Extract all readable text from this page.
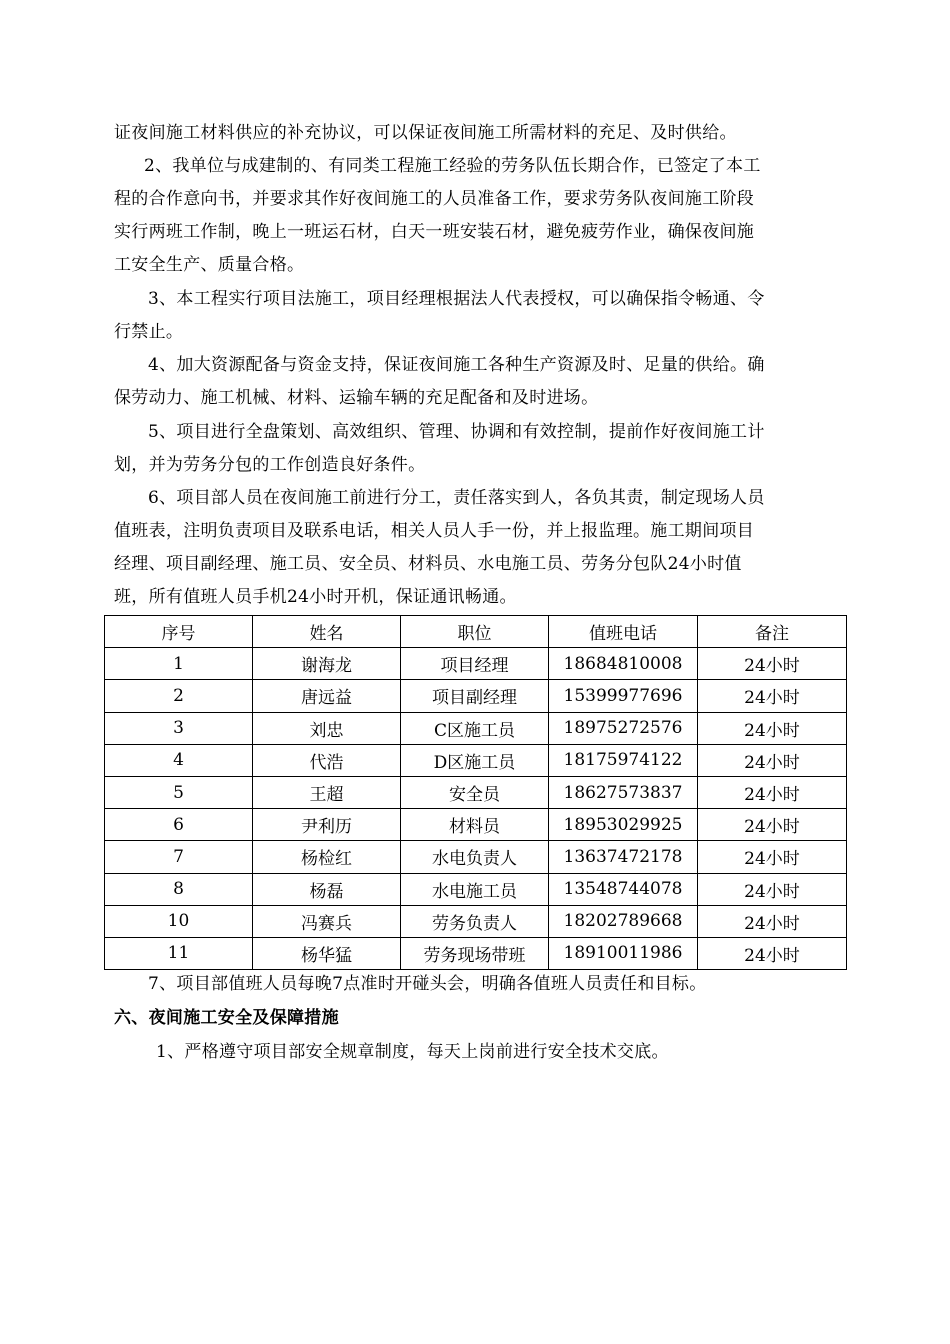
证夜间施工材料供应的补充协议，可以保证夜间施工所需材料的充足、及时供给。
2、我单位与成建制的、有同类工程施工经验的劳务队伍长期合作，已签定了本工
程的合作意向书，并要求其作好夜间施工的人员准备工作，要求劳务队夜间施工阶段
实行两班工作制，晚上一班运石材，白天一班安装石材，避免疲劳作业，确保夜间施
工安全生产、质量合格。
3、本工程实行项目法施工，项目经理根据法人代表授权，可以确保指令畅通、令
行禁止。
4、加大资源配备与资金支持，保证夜间施工各种生产资源及时、足量的供给。确
保劳动力、施工机械、材料、运输车辆的充足配备和及时进场。
5、项目进行全盘策划、高效组织、管理、协调和有效控制，提前作好夜间施工计
划，并为劳务分包的工作创造良好条件。
6、项目部人员在夜间施工前进行分工，责任落实到人，各负其责，制定现场人员
值班表，注明负责项目及联系电话，相关人员人手一份，并上报监理。施工期间项目
经理、项目副经理、施工员、安全员、材料员、水电施工员、劳务分包队24小时值
班，所有值班人员手机24小时开机，保证通讯畅通。
序号	姓名	职位	值班电话	备注
1	谢海龙	项目经理	18684810008	24小时
2	唐远益	项目副经理	15399977696	24小时
3	刘忠	C区施工员	18975272576	24小时
4	代浩	D区施工员	18175974122	24小时
5	王超	安全员	18627573837	24小时
6	尹利历	材料员	18953029925	24小时
7	杨检红	水电负责人	13637472178	24小时
8	杨磊	水电施工员	13548744078	24小时
10	冯赛兵	劳务负责人	18202789668	24小时
11	杨华猛	劳务现场带班	18910011986	24小时
7、项目部值班人员每晚7点准时开碰头会，明确各值班人员责任和目标。
六、夜间施工安全及保障措施
1、严格遵守项目部安全规章制度，每天上岗前进行安全技术交底。
